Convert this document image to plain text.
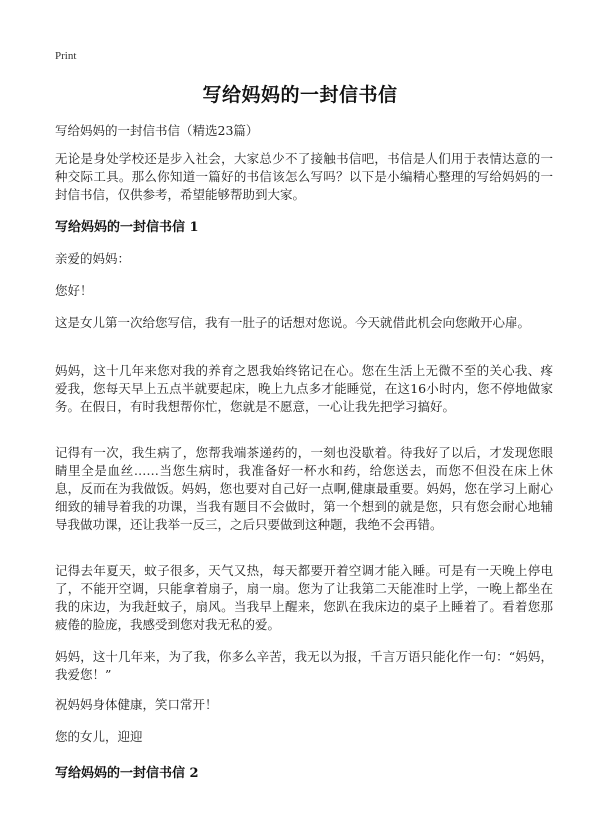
Print
写给妈妈的一封信书信

写给妈妈的一封信书信（精选23篇）

无论是身处学校还是步入社会，大家总少不了接触书信吧，书信是人们用于表情达意的一种交际工具。那么你知道一篇好的书信该怎么写吗？以下是小编精心整理的写给妈妈的一封信书信，仅供参考，希望能够帮助到大家。

写给妈妈的一封信书信 1

亲爱的妈妈：

您好！

这是女儿第一次给您写信，我有一肚子的话想对您说。今天就借此机会向您敞开心扉。

妈妈，这十几年来您对我的养育之恩我始终铭记在心。您在生活上无微不至的关心我、疼爱我，您每天早上五点半就要起床，晚上九点多才能睡觉，在这16小时内，您不停地做家务。在假日，有时我想帮你忙，您就是不愿意，一心让我先把学习搞好。

记得有一次，我生病了，您帮我端茶递药的，一刻也没歇着。待我好了以后，才发现您眼睛里全是血丝……当您生病时，我准备好一杯水和药，给您送去，而您不但没在床上休息，反而在为我做饭。妈妈，您也要对自己好一点啊,健康最重要。妈妈，您在学习上耐心细致的辅导着我的功课，当我有题目不会做时，第一个想到的就是您，只有您会耐心地辅导我做功课，还让我举一反三，之后只要做到这种题，我绝不会再错。

记得去年夏天，蚊子很多，天气又热，每天都要开着空调才能入睡。可是有一天晚上停电了，不能开空调，只能拿着扇子，扇一扇。您为了让我第二天能准时上学，一晚上都坐在我的床边，为我赶蚊子，扇风。当我早上醒来，您趴在我床边的桌子上睡着了。看着您那疲倦的脸庞，我感受到您对我无私的爱。

妈妈，这十几年来，为了我，你多么辛苦，我无以为报，千言万语只能化作一句：“妈妈，我爱您！”

祝妈妈身体健康，笑口常开！

您的女儿，迎迎

写给妈妈的一封信书信 2
